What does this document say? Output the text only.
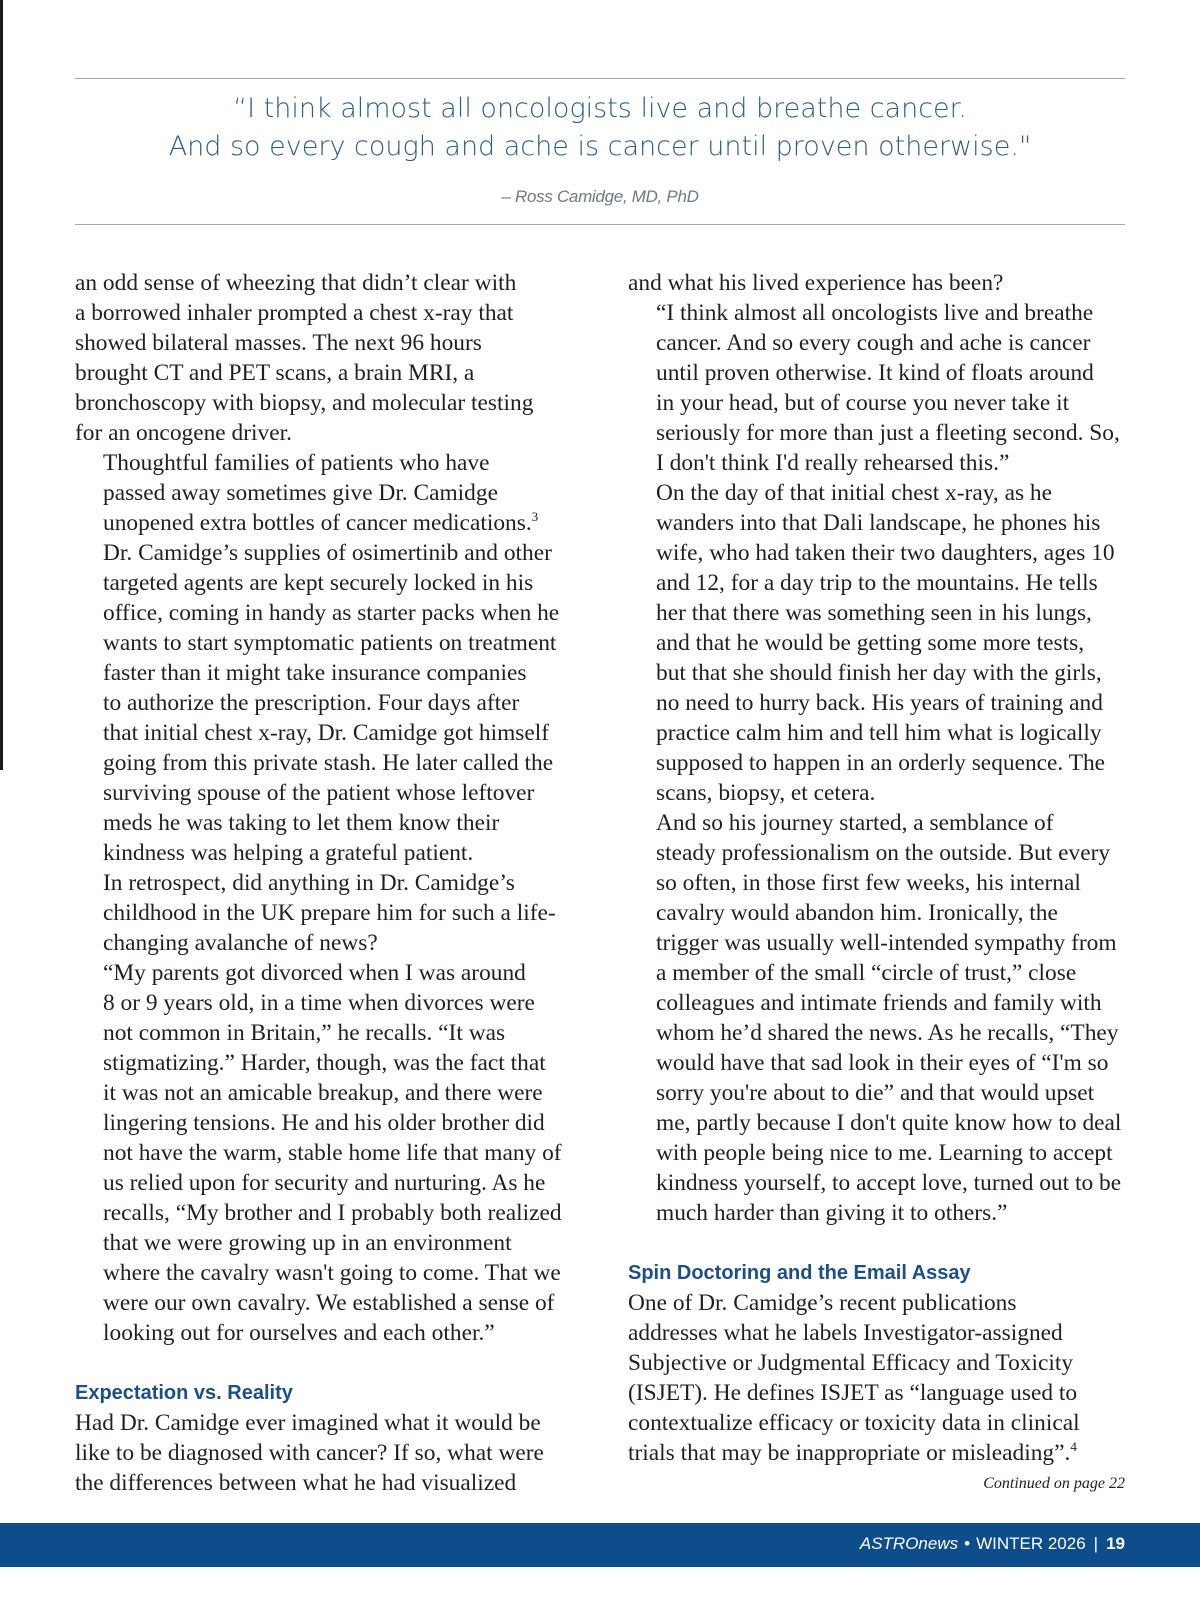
“I think almost all oncologists live and breathe cancer.
And so every cough and ache is cancer until proven otherwise."
– Ross Camidge, MD, PhD

an odd sense of wheezing that didn’t clear with
a borrowed inhaler prompted a chest x-ray that
showed bilateral masses. The next 96 hours
brought CT and PET scans, a brain MRI, a
bronchoscopy with biopsy, and molecular testing
for an oncogene driver.

Thoughtful families of patients who have
passed away sometimes give Dr. Camidge
unopened extra bottles of cancer medications.$^3$
Dr. Camidge’s supplies of osimertinib and other
targeted agents are kept securely locked in his
office, coming in handy as starter packs when he
wants to start symptomatic patients on treatment
faster than it might take insurance companies
to authorize the prescription. Four days after
that initial chest x-ray, Dr. Camidge got himself
going from this private stash. He later called the
surviving spouse of the patient whose leftover
meds he was taking to let them know their
kindness was helping a grateful patient.

In retrospect, did anything in Dr. Camidge’s
childhood in the UK prepare him for such a life-
changing avalanche of news?

“My parents got divorced when I was around
8 or 9 years old, in a time when divorces were
not common in Britain,” he recalls. “It was
stigmatizing.” Harder, though, was the fact that
it was not an amicable breakup, and there were
lingering tensions. He and his older brother did
not have the warm, stable home life that many of
us relied upon for security and nurturing. As he
recalls, “My brother and I probably both realized
that we were growing up in an environment
where the cavalry wasn't going to come. That we
were our own cavalry. We established a sense of
looking out for ourselves and each other.”

Expectation vs. Reality

Had Dr. Camidge ever imagined what it would be
like to be diagnosed with cancer? If so, what were
the differences between what he had visualized

and what his lived experience has been?

“I think almost all oncologists live and breathe
cancer. And so every cough and ache is cancer
until proven otherwise. It kind of floats around
in your head, but of course you never take it
seriously for more than just a fleeting second. So,
I don't think I'd really rehearsed this.”

On the day of that initial chest x-ray, as he
wanders into that Dali landscape, he phones his
wife, who had taken their two daughters, ages 10
and 12, for a day trip to the mountains. He tells
her that there was something seen in his lungs,
and that he would be getting some more tests,
but that she should finish her day with the girls,
no need to hurry back. His years of training and
practice calm him and tell him what is logically
supposed to happen in an orderly sequence. The
scans, biopsy, et cetera.

And so his journey started, a semblance of
steady professionalism on the outside. But every
so often, in those first few weeks, his internal
cavalry would abandon him. Ironically, the
trigger was usually well-intended sympathy from
a member of the small “circle of trust,” close
colleagues and intimate friends and family with
whom he’d shared the news. As he recalls, “They
would have that sad look in their eyes of “I'm so
sorry you're about to die” and that would upset
me, partly because I don't quite know how to deal
with people being nice to me. Learning to accept
kindness yourself, to accept love, turned out to be
much harder than giving it to others.”

Spin Doctoring and the Email Assay

One of Dr. Camidge’s recent publications
addresses what he labels Investigator-assigned
Subjective or Judgmental Efficacy and Toxicity
(ISJET). He defines ISJET as “language used to
contextualize efficacy or toxicity data in clinical
trials that may be inappropriate or misleading”.$^4$

Continued on page 22
ASTROnews • WINTER 2026 | 19
